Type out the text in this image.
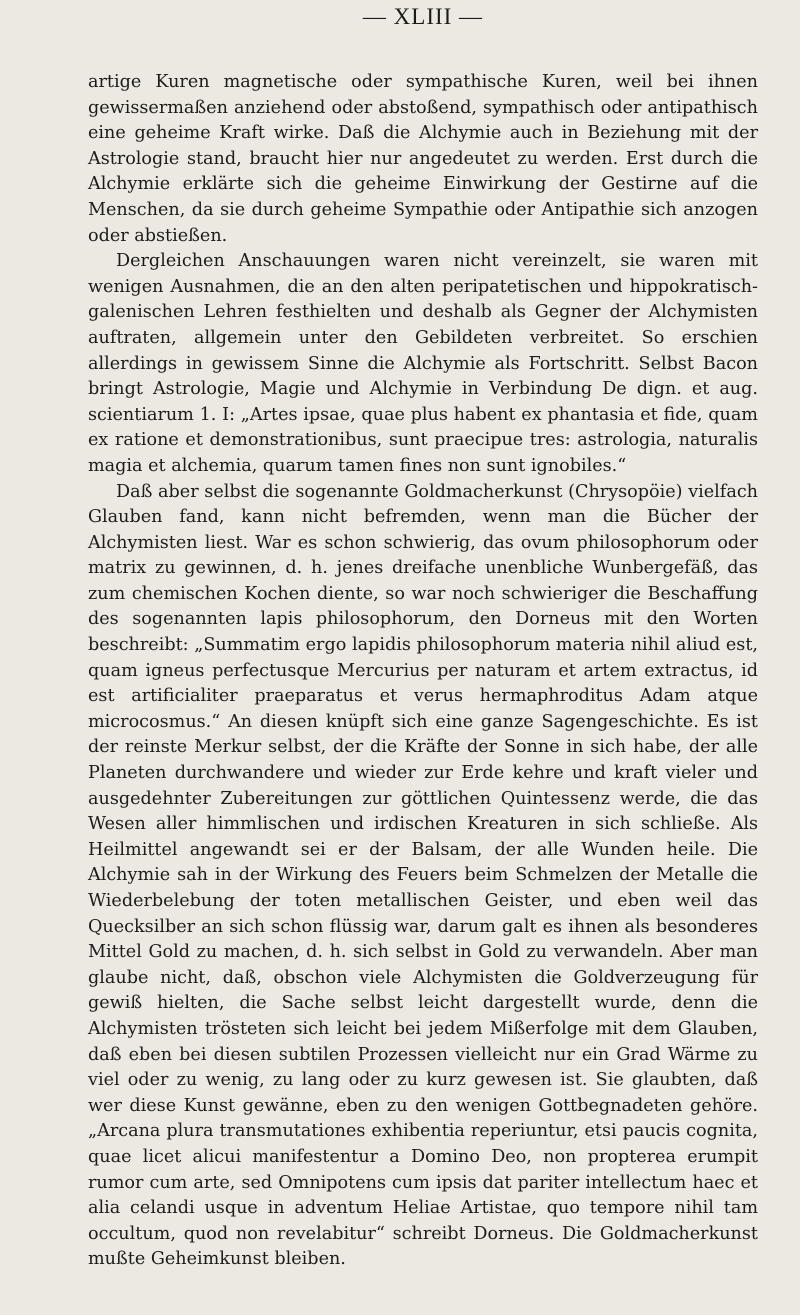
— XLIII —

artige Kuren magnetische oder sympathische Kuren, weil bei ihnen gewissermaßen anziehend oder abstoßend, sympathisch oder antipathisch eine geheime Kraft wirke. Daß die Alchymie auch in Beziehung mit der Astrologie stand, braucht hier nur angedeutet zu werden. Erst durch die Alchymie erklärte sich die geheime Einwirkung der Gestirne auf die Menschen, da sie durch geheime Sympathie oder Antipathie sich anzogen oder abstießen.

Dergleichen Anschauungen waren nicht vereinzelt, sie waren mit wenigen Ausnahmen, die an den alten peripatetischen und hippokratisch-galenischen Lehren festhielten und deshalb als Gegner der Alchymisten auftraten, allgemein unter den Gebildeten verbreitet. So erschien allerdings in gewissem Sinne die Alchymie als Fortschritt. Selbst Bacon bringt Astrologie, Magie und Alchymie in Verbindung De dign. et aug. scientiarum 1. I: „Artes ipsae, quae plus habent ex phantasia et fide, quam ex ratione et demonstrationibus, sunt praecipue tres: astrologia, naturalis magia et alchemia, quarum tamen fines non sunt ignobiles.“

Daß aber selbst die sogenannte Goldmacherkunst (Chrysopöie) vielfach Glauben fand, kann nicht befremden, wenn man die Bücher der Alchymisten liest. War es schon schwierig, das ovum philosophorum oder matrix zu gewinnen, d. h. jenes dreifache unenbliche Wunbergefäß, das zum chemischen Kochen diente, so war noch schwieriger die Beschaffung des sogenannten lapis philosophorum, den Dorneus mit den Worten beschreibt: „Summatim ergo lapidis philosophorum materia nihil aliud est, quam igneus perfectusque Mercurius per naturam et artem extractus, id est artificialiter praeparatus et verus hermaphroditus Adam atque microcosmus.“ An diesen knüpft sich eine ganze Sagengeschichte. Es ist der reinste Merkur selbst, der die Kräfte der Sonne in sich habe, der alle Planeten durchwandere und wieder zur Erde kehre und kraft vieler und ausgedehnter Zubereitungen zur göttlichen Quintessenz werde, die das Wesen aller himmlischen und irdischen Kreaturen in sich schließe. Als Heilmittel angewandt sei er der Balsam, der alle Wunden heile. Die Alchymie sah in der Wirkung des Feuers beim Schmelzen der Metalle die Wiederbelebung der toten metallischen Geister, und eben weil das Quecksilber an sich schon flüssig war, darum galt es ihnen als besonderes Mittel Gold zu machen, d. h. sich selbst in Gold zu verwandeln. Aber man glaube nicht, daß, obschon viele Alchymisten die Goldverzeugung für gewiß hielten, die Sache selbst leicht dargestellt wurde, denn die Alchymisten trösteten sich leicht bei jedem Mißerfolge mit dem Glauben, daß eben bei diesen subtilen Prozessen vielleicht nur ein Grad Wärme zu viel oder zu wenig, zu lang oder zu kurz gewesen ist. Sie glaubten, daß wer diese Kunst gewänne, eben zu den wenigen Gottbegnadeten gehöre. „Arcana plura transmutationes exhibentia reperiuntur, etsi paucis cognita, quae licet alicui manifestentur a Domino Deo, non propterea erumpit rumor cum arte, sed Omnipotens cum ipsis dat pariter intellectum haec et alia celandi usque in adventum Heliae Artistae, quo tempore nihil tam occultum, quod non revelabitur“ schreibt Dorneus. Die Goldmacherkunst mußte Geheimkunst bleiben.
